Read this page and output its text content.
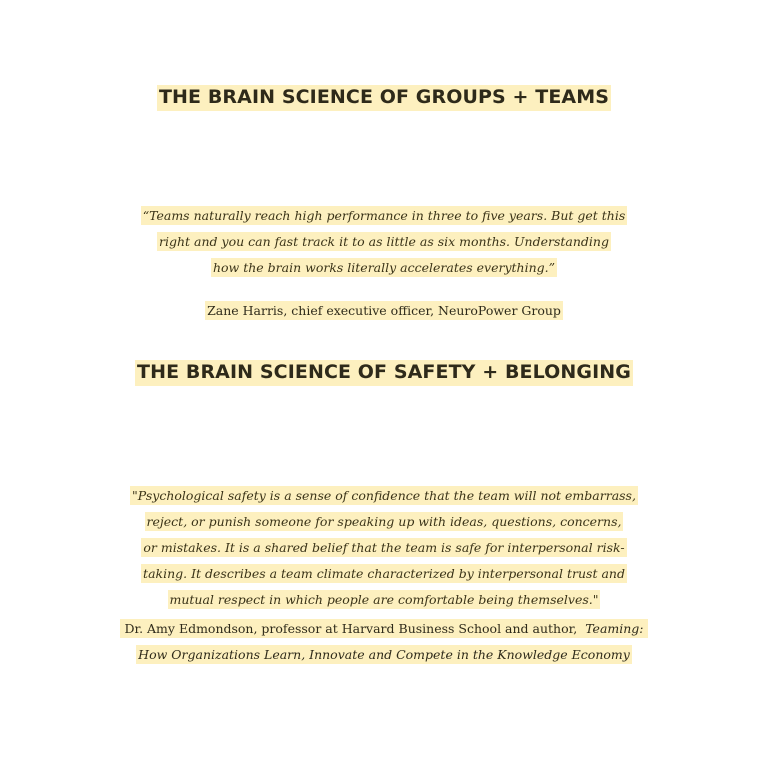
THE BRAIN SCIENCE OF GROUPS + TEAMS

“Teams naturally reach high performance in three to five years. But get this
right and you can fast track it to as little as six months. Understanding
how the brain works literally accelerates everything.”

Zane Harris, chief executive officer, NeuroPower Group

THE BRAIN SCIENCE OF SAFETY + BELONGING

"Psychological safety is a sense of confidence that the team will not embarrass,
reject, or punish someone for speaking up with ideas, questions, concerns,
or mistakes. It is a shared belief that the team is safe for interpersonal risk-
taking. It describes a team climate characterized by interpersonal trust and
mutual respect in which people are comfortable being themselves."

Dr. Amy Edmondson, professor at Harvard Business School and author, Teaming:
How Organizations Learn, Innovate and Compete in the Knowledge Economy
